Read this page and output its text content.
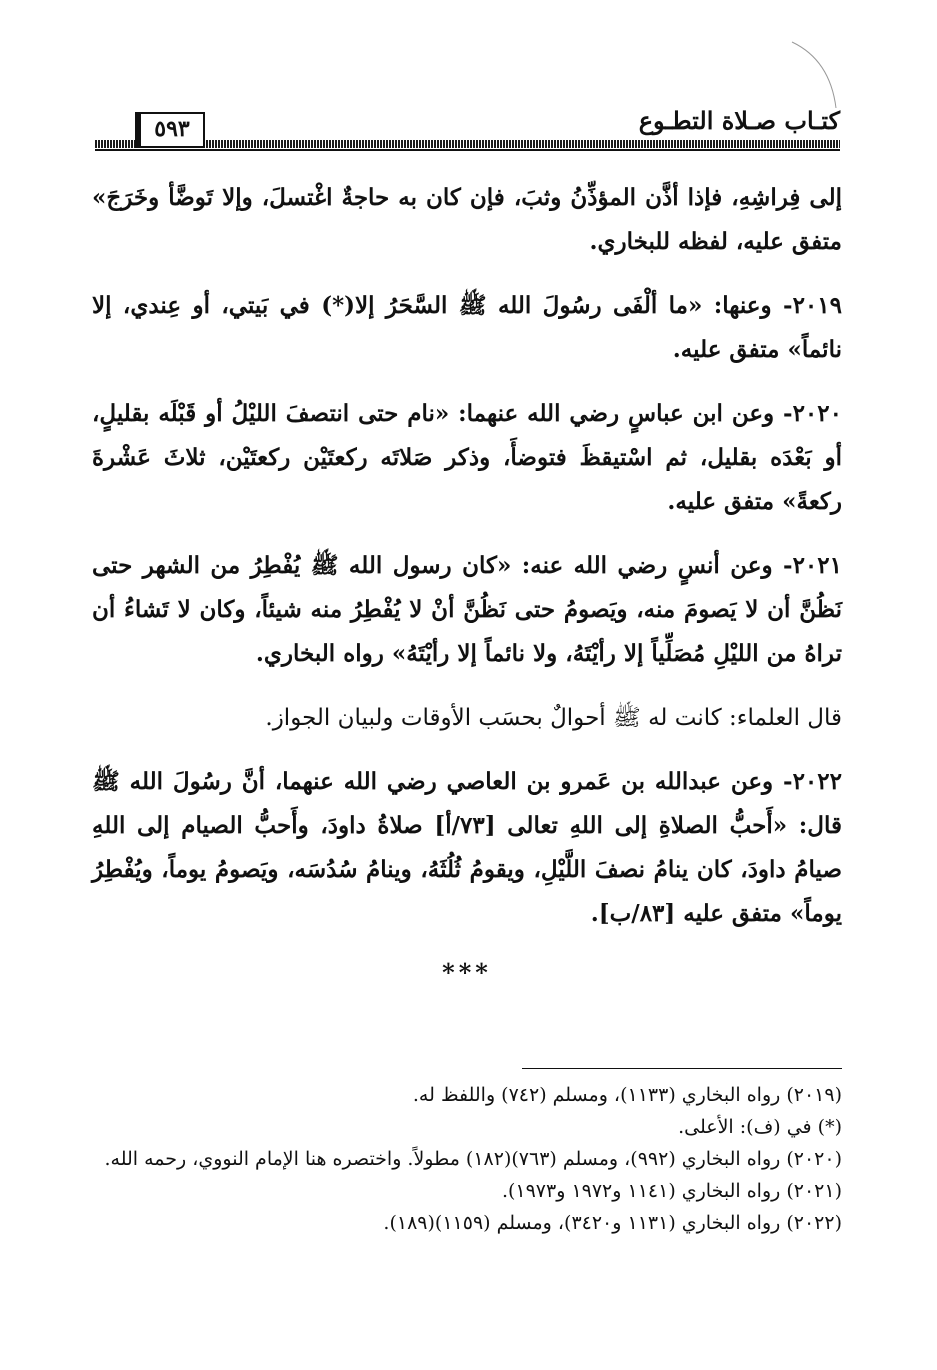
كتـاب صـلاة التطـوع
٥٩٣

إلى فِراشِهِ، فإذا أذَّن المؤذِّنُ وثبَ، فإن كان به حاجةٌ اغْتسلَ، وإلا تَوضَّأ وخَرَجَ» متفق عليه، لفظه للبخاري.

٢٠١٩- وعنها: «ما ألْفَى رسُولَ الله ﷺ السَّحَرُ إلا(*) في بَيتي، أو عِندي، إلا نائماً» متفق عليه.

٢٠٢٠- وعن ابن عباسٍ رضي الله عنهما: «نام حتى انتصفَ الليْلُ أو قَبْلَه بقليلٍ، أو بَعْدَه بقليل، ثم اسْتيقظَ فتوضأَ، وذكر صَلاتَه ركعتَيْن ركعتَيْن، ثلاثَ عَشْرةَ ركعةً» متفق عليه.

٢٠٢١- وعن أنسٍ رضي الله عنه: «كان رسول الله ﷺ يُفْطِرُ من الشهر حتى نَظُنَّ أن لا يَصومَ منه، ويَصومُ حتى نَظُنَّ أنْ لا يُفْطِرُ منه شيئاً، وكان لا تَشاءُ أن تراهُ من الليْلِ مُصَلِّياً إلا رأيْتَهُ، ولا نائماً إلا رأيْتَهُ» رواه البخاري.

قال العلماء: كانت له ﷺ أحوالٌ بحسَب الأوقات ولبيان الجواز.

٢٠٢٢- وعن عبدالله بن عَمرو بن العاصي رضي الله عنهما، أنَّ رسُولَ الله ﷺ قال: «أَحبُّ الصلاةِ إلى اللهِ تعالى [٧٣/أ] صلاةُ داودَ، وأَحبُّ الصيام إلى اللهِ صيامُ داودَ، كان ينامُ نصفَ اللَّيْلِ، ويقومُ ثُلُثَهُ، وينامُ سُدُسَه، ويَصومُ يوماً، ويُفْطِرُ يوماً» متفق عليه [٨٣/ب].

***

(٢٠١٩) رواه البخاري (١١٣٣)، ومسلم (٧٤٢) واللفظ له.

(*) في (ف): الأعلى.

(٢٠٢٠) رواه البخاري (٩٩٢)، ومسلم (٧٦٣)(١٨٢) مطولاً. واختصره هنا الإمام النووي، رحمه الله.

(٢٠٢١) رواه البخاري (١١٤١ و١٩٧٢ و١٩٧٣).

(٢٠٢٢) رواه البخاري (١١٣١ و٣٤٢٠)، ومسلم (١١٥٩)(١٨٩).
